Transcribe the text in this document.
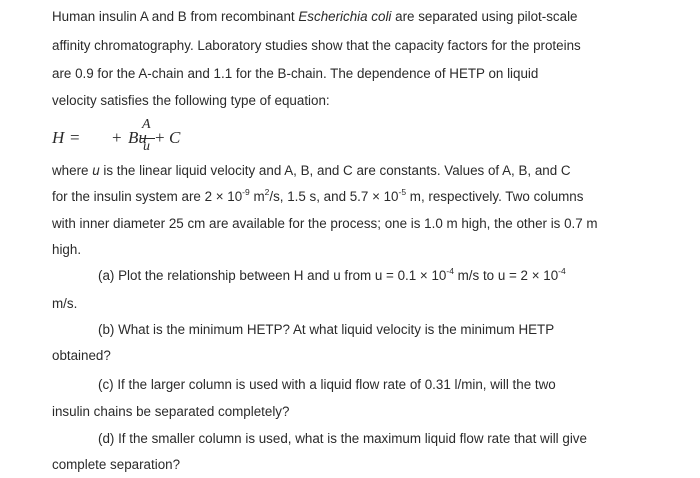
Human insulin A and B from recombinant Escherichia coli are separated using pilot-scale
affinity chromatography. Laboratory studies show that the capacity factors for the proteins
are 0.9 for the A-chain and 1.1 for the B-chain. The dependence of HETP on liquid
velocity satisfies the following type of equation:
H =
A
u
+ Bu + C
where u is the linear liquid velocity and A, B, and C are constants. Values of A, B, and C
for the insulin system are $2 \times 10^{-9}$ $m^2/s$, 1.5 s, and $5.7 \times 10^{-5}$ m, respectively. Two columns
with inner diameter 25 cm are available for the process; one is 1.0 m high, the other is 0.7 m
high.
(a) Plot the relationship between H and u from $u = 0.1 \times 10^{-4}$ m/s to $u = 2 \times 10^{-4}$
m/s.
(b) What is the minimum HETP? At what liquid velocity is the minimum HETP
obtained?
(c) If the larger column is used with a liquid flow rate of 0.31 l/min, will the two
insulin chains be separated completely?
(d) If the smaller column is used, what is the maximum liquid flow rate that will give
complete separation?
